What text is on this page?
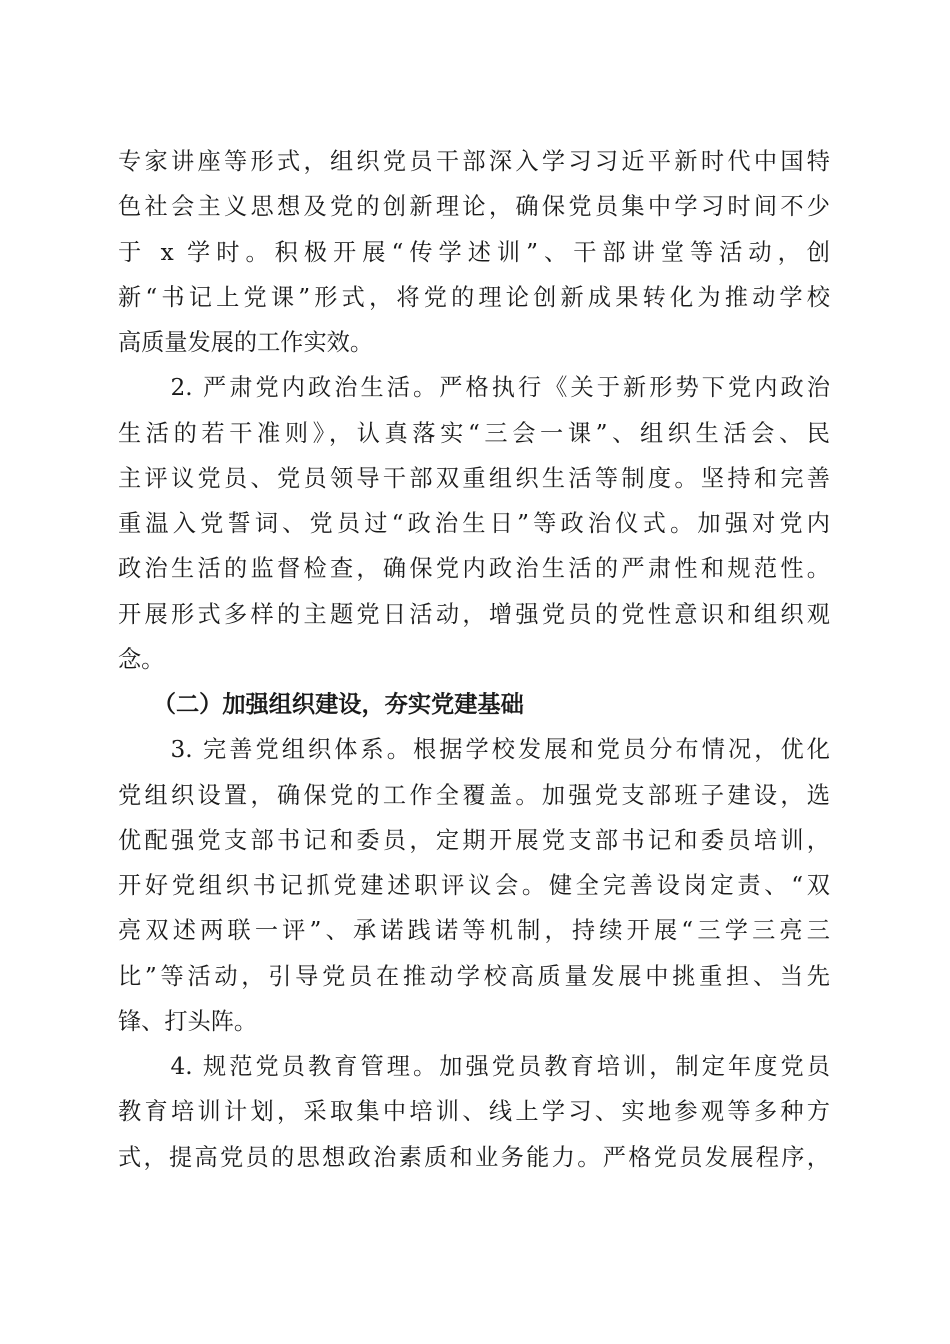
专家讲座等形式，组织党员干部深入学习习近平新时代中国特
色社会主义思想及党的创新理论，确保党员集中学习时间不少
于 x 学时。积极开展“传学述训”、干部讲堂等活动，创
新“书记上党课”形式，将党的理论创新成果转化为推动学校
高质量发展的工作实效。
　　2. 严肃党内政治生活。严格执行《关于新形势下党内政治
生活的若干准则》，认真落实“三会一课”、组织生活会、民
主评议党员、党员领导干部双重组织生活等制度。坚持和完善
重温入党誓词、党员过“政治生日”等政治仪式。加强对党内
政治生活的监督检查，确保党内政治生活的严肃性和规范性。
开展形式多样的主题党日活动，增强党员的党性意识和组织观
念。
　　（二）加强组织建设，夯实党建基础
　　3. 完善党组织体系。根据学校发展和党员分布情况，优化
党组织设置，确保党的工作全覆盖。加强党支部班子建设，选
优配强党支部书记和委员，定期开展党支部书记和委员培训，
开好党组织书记抓党建述职评议会。健全完善设岗定责、“双
亮双述两联一评”、承诺践诺等机制，持续开展“三学三亮三
比”等活动，引导党员在推动学校高质量发展中挑重担、当先
锋、打头阵。
　　4. 规范党员教育管理。加强党员教育培训，制定年度党员
教育培训计划，采取集中培训、线上学习、实地参观等多种方
式，提高党员的思想政治素质和业务能力。严格党员发展程序，
